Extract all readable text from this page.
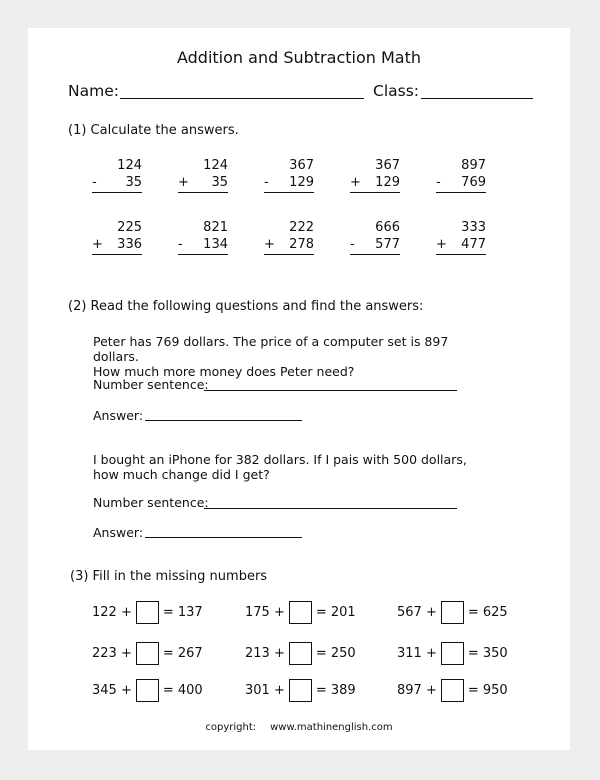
Addition and Subtraction Math
Name:	Class:
(1) Calculate the answers.
124
- 35
124
+ 35
367
- 129
367
+ 129
897
- 769
225
+ 336
821
- 134
222
+ 278
666
- 577
333
+ 477
(2) Read the following questions and find the answers:
Peter has 769 dollars. The price of a computer set is 897 dollars.
How much more money does Peter need?
Number sentence:
Answer:
I bought an iPhone for 382 dollars. If I pais with 500 dollars,
how much change did I get?
Number sentence:
Answer:
(3) Fill in the missing numbers
122 + = 137	175 + = 201	567 + = 625
223 + = 267	213 + = 250	311 + = 350
345 + = 400	301 + = 389	897 + = 950
copyright: www.mathinenglish.com
